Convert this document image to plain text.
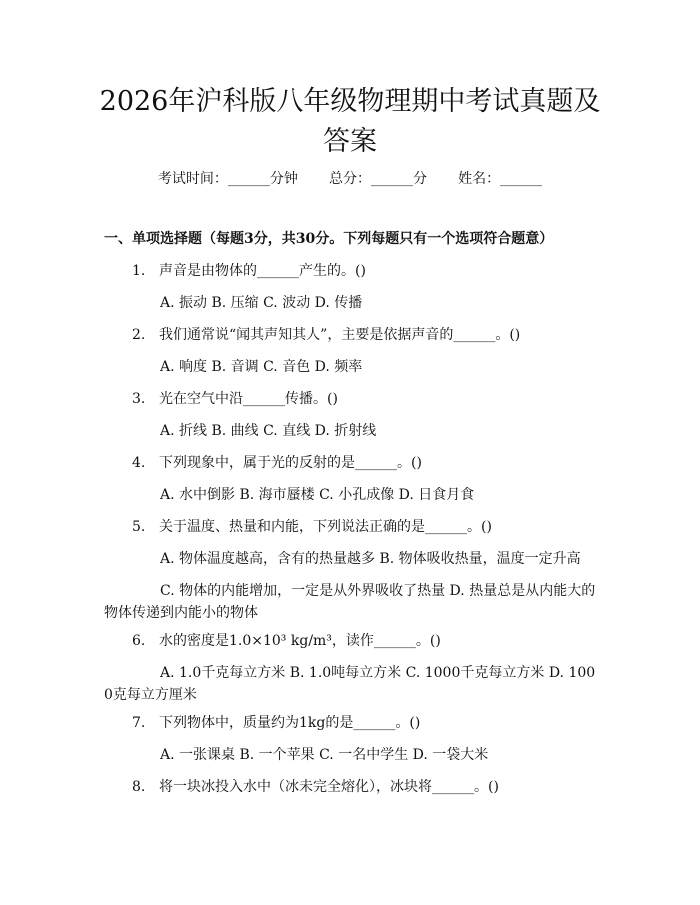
2026年沪科版八年级物理期中考试真题及答案
考试时间：______分钟 总分：______分 姓名：______
一、单项选择题（每题3分，共30分。下列每题只有一个选项符合题意）
1. 声音是由物体的______产生的。()
A. 振动 B. 压缩 C. 波动 D. 传播
2. 我们通常说“闻其声知其人”，主要是依据声音的______。()
A. 响度 B. 音调 C. 音色 D. 频率
3. 光在空气中沿______传播。()
A. 折线 B. 曲线 C. 直线 D. 折射线
4. 下列现象中，属于光的反射的是______。()
A. 水中倒影 B. 海市蜃楼 C. 小孔成像 D. 日食月食
5. 关于温度、热量和内能，下列说法正确的是______。()
A. 物体温度越高，含有的热量越多 B. 物体吸收热量，温度一定升高
C. 物体的内能增加，一定是从外界吸收了热量 D. 热量总是从内能大的物体传递到内能小的物体
6. 水的密度是1.0×10³ kg/m³，读作______。()
A. 1.0千克每立方米 B. 1.0吨每立方米 C. 1000千克每立方米 D. 1000克每立方厘米
7. 下列物体中，质量约为1kg的是______。()
A. 一张课桌 B. 一个苹果 C. 一名中学生 D. 一袋大米
8. 将一块冰投入水中（冰未完全熔化），冰块将______。()
